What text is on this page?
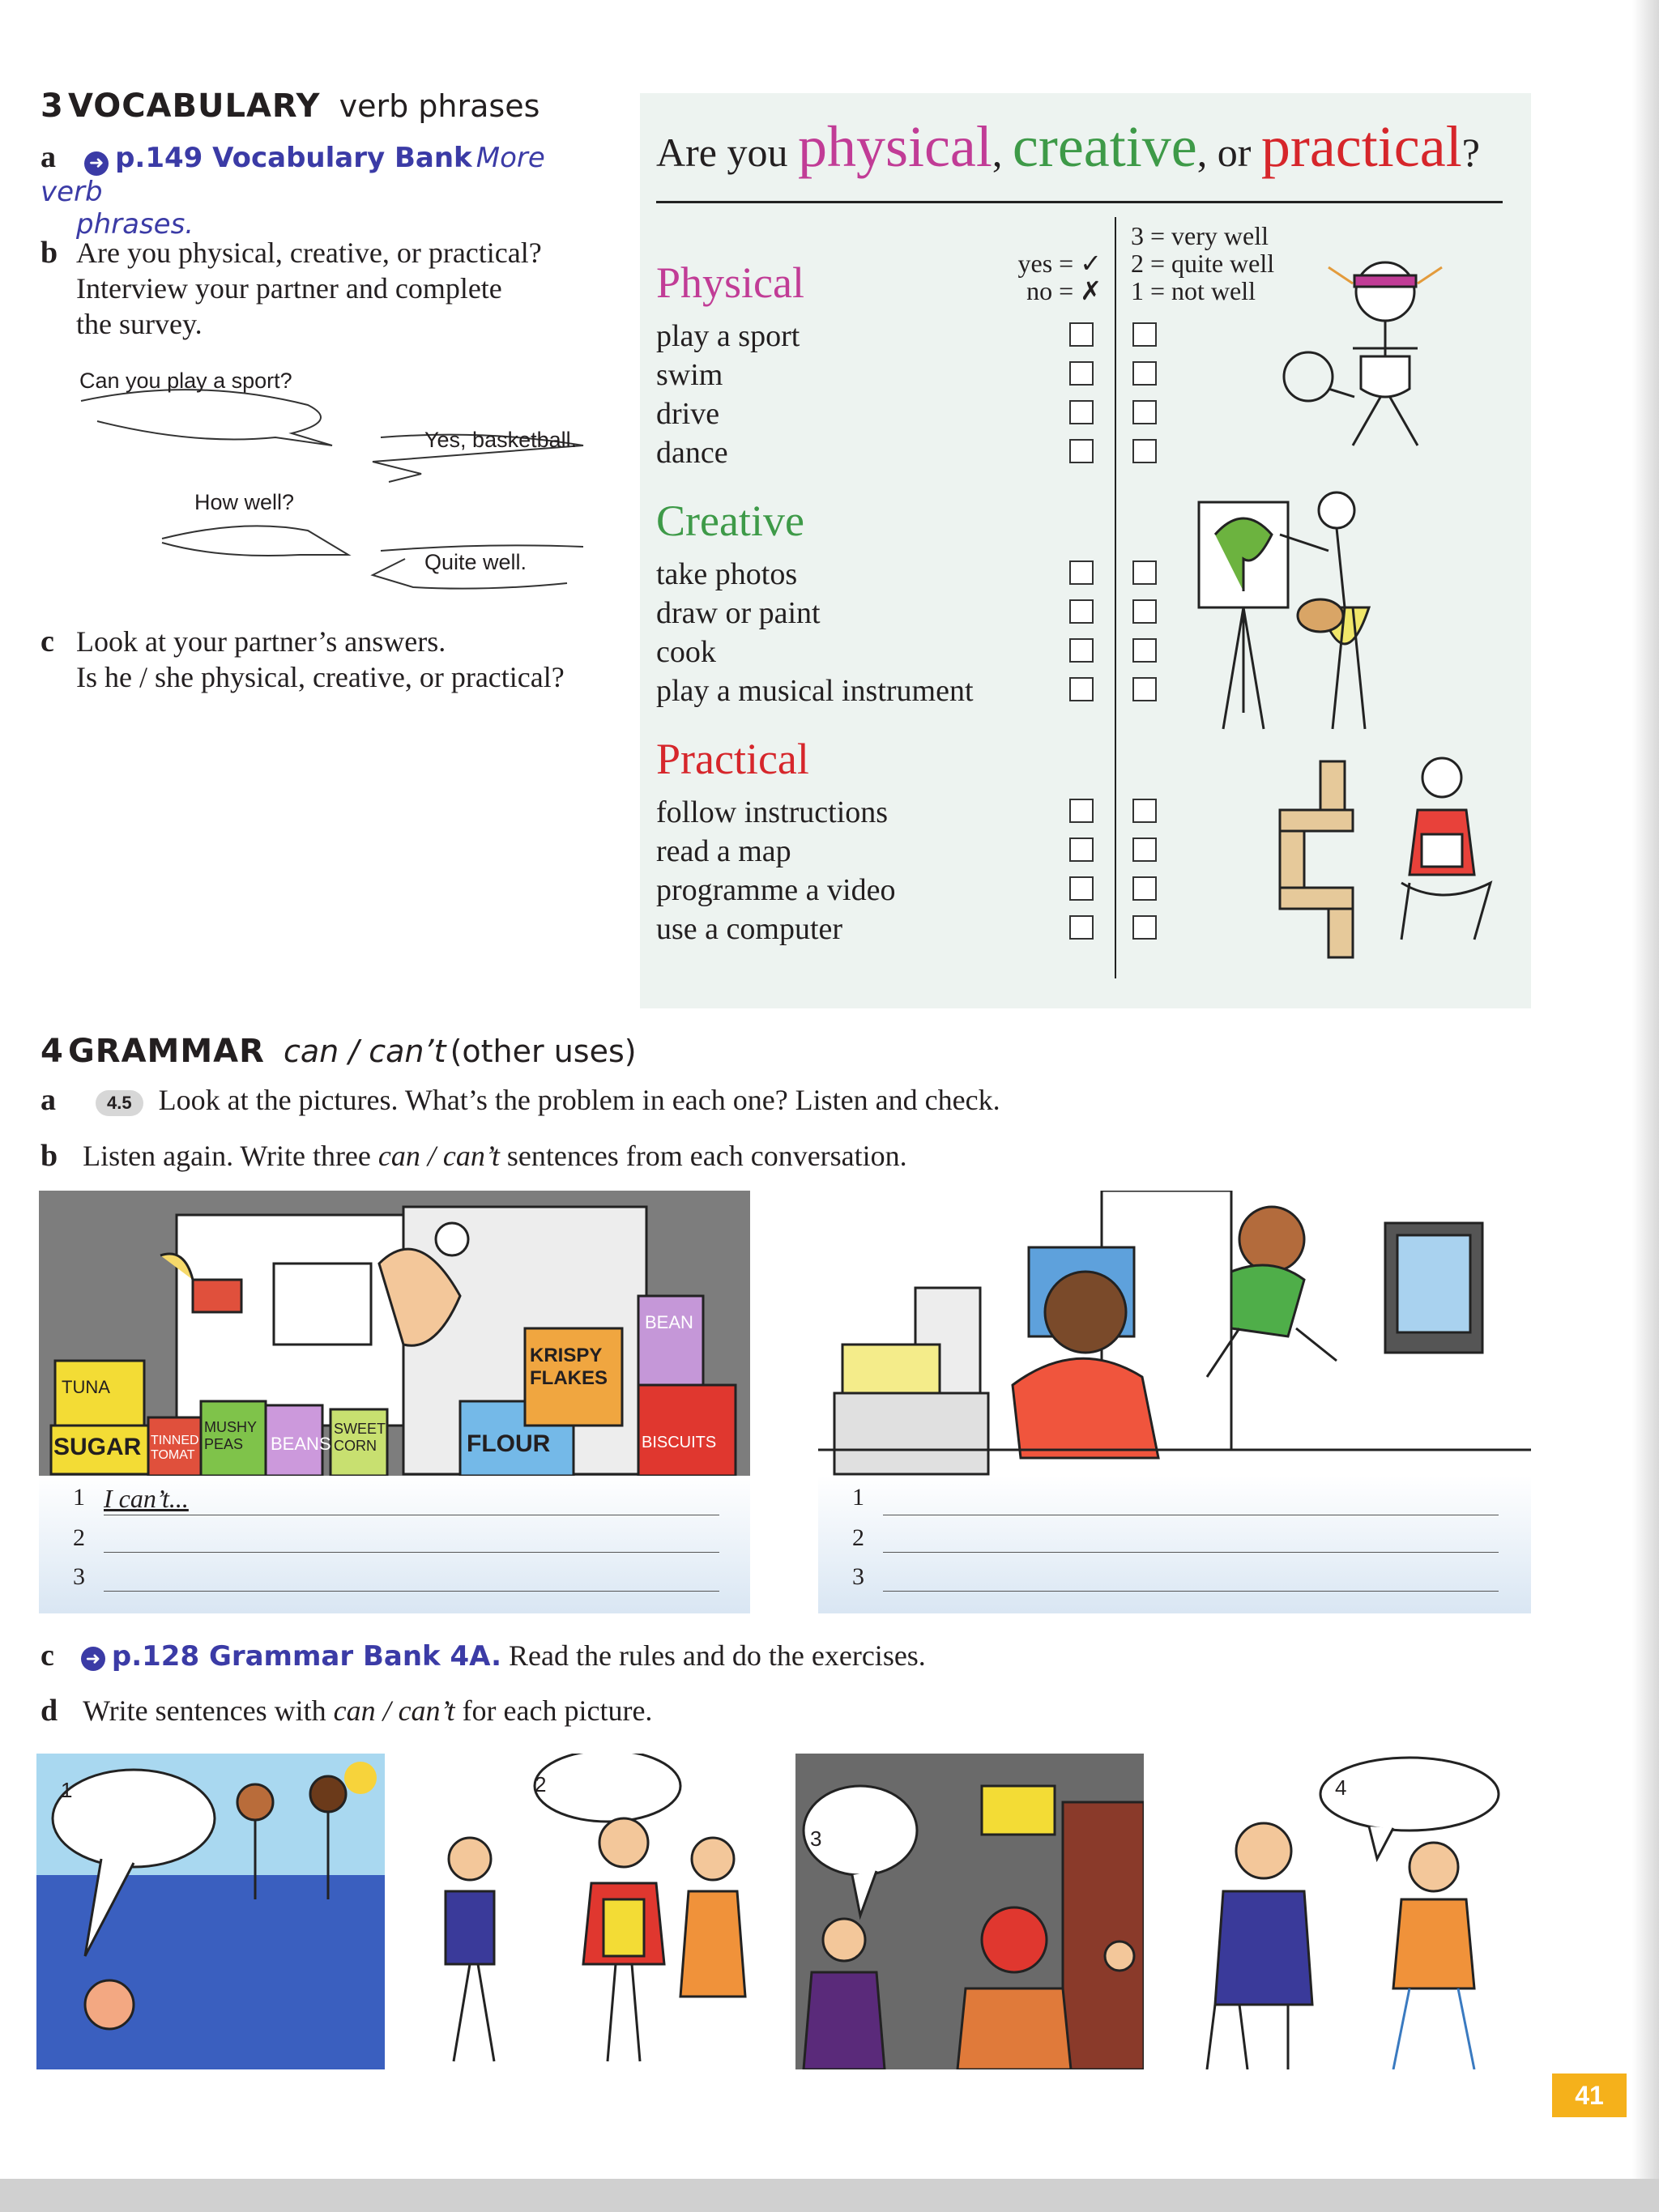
3 VOCABULARY verb phrases
a ➜ p.149 Vocabulary Bank More verb
phrases.
b Are you physical, creative, or practical?
Interview your partner and complete
the survey.
Can you play a sport?
Yes, basketball.
How well?
Quite well.
c Look at your partner’s answers.
Is he / she physical, creative, or practical?
Are you physical, creative, or practical?
yes = ✓
no = ✗
3 = very well
2 = quite well
1 = not well
Physical
play a sport
swim
drive
dance
Creative
take photos
draw or paint
cook
play a musical instrument
Practical
follow instructions
read a map
programme a video
use a computer
4 GRAMMAR can / can’t (other uses)
a	4.5 Look at the pictures. What’s the problem in each one? Listen and check.
b Listen again. Write three can / can’t sentences from each conversation.
TUNA
SUGAR TINNED TOMAT
MUSHY PEAS	BEANS
SWEET CORN	FLOUR
KRISPY FLAKES
BEAN
BISCUITS
1 I can’t...
2
3
1
2
3
c ➜ p.128 Grammar Bank 4A. Read the rules and do the exercises.
d Write sentences with can / can’t for each picture.
1	2
3
4
41
